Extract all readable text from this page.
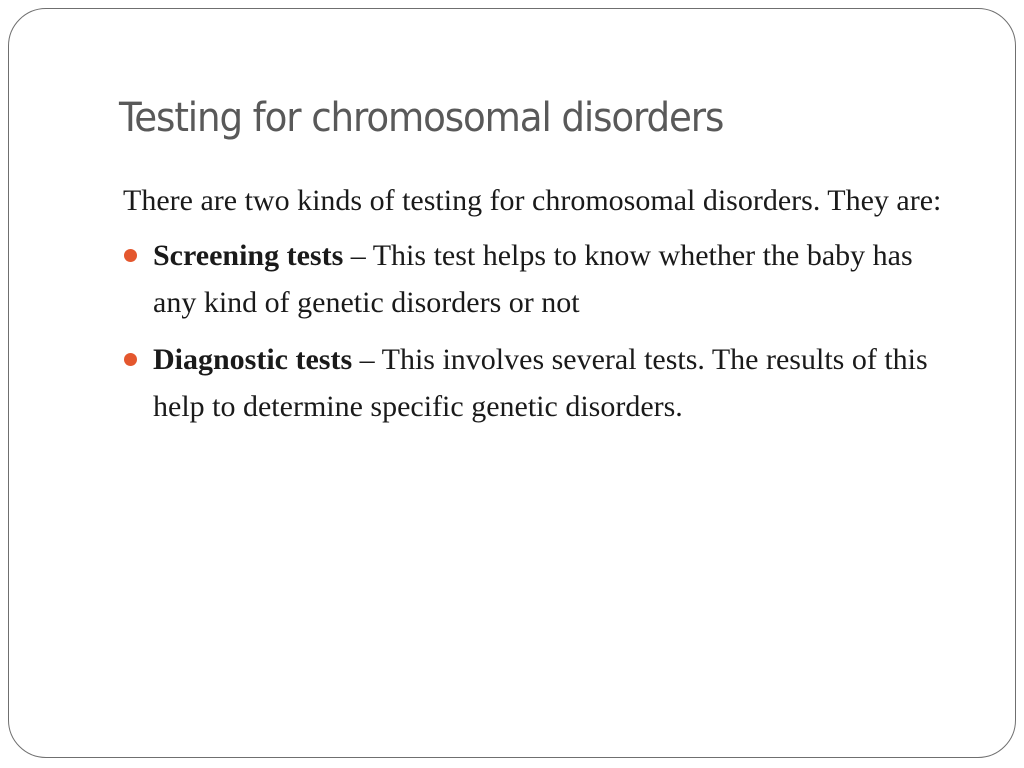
Testing for chromosomal disorders

There are two kinds of testing for chromosomal disorders. They are:

Screening tests – This test helps to know whether the baby has any kind of genetic disorders or not
Diagnostic tests – This involves several tests. The results of this help to determine specific genetic disorders.
